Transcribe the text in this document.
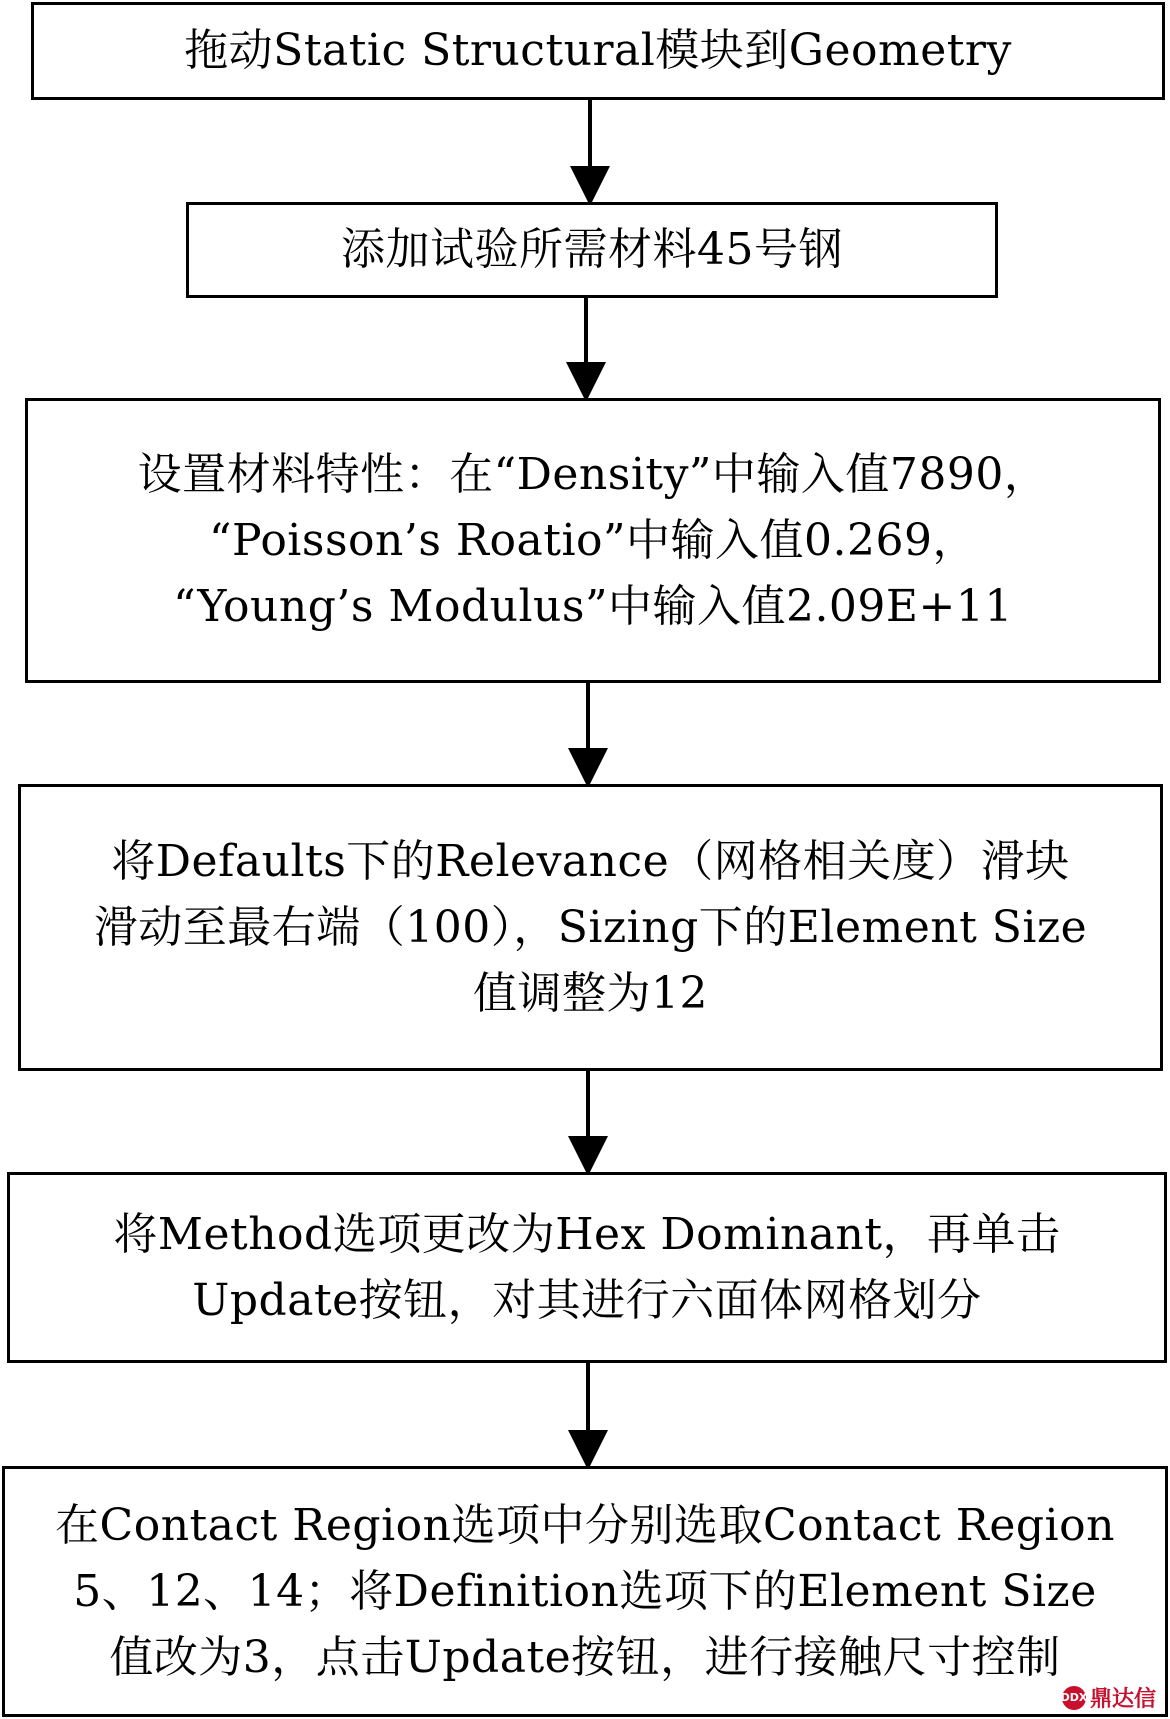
拖动Static Structural模块到Geometry
添加试验所需材料45号钢
设置材料特性：在“Density”中输入值7890，
“Poisson’s Roatio”中输入值0.269，
“Young’s Modulus”中输入值2.09E+11
将Defaults下的Relevance（网格相关度）滑块
滑动至最右端（100），Sizing下的Element Size
值调整为12
将Method选项更改为Hex Dominant，再单击
Update按钮，对其进行六面体网格划分
在Contact Region选项中分别选取Contact Region
5、12、14；将Definition选项下的Element Size
值改为3，点击Update按钮，进行接触尺寸控制
DDX 鼎达信
